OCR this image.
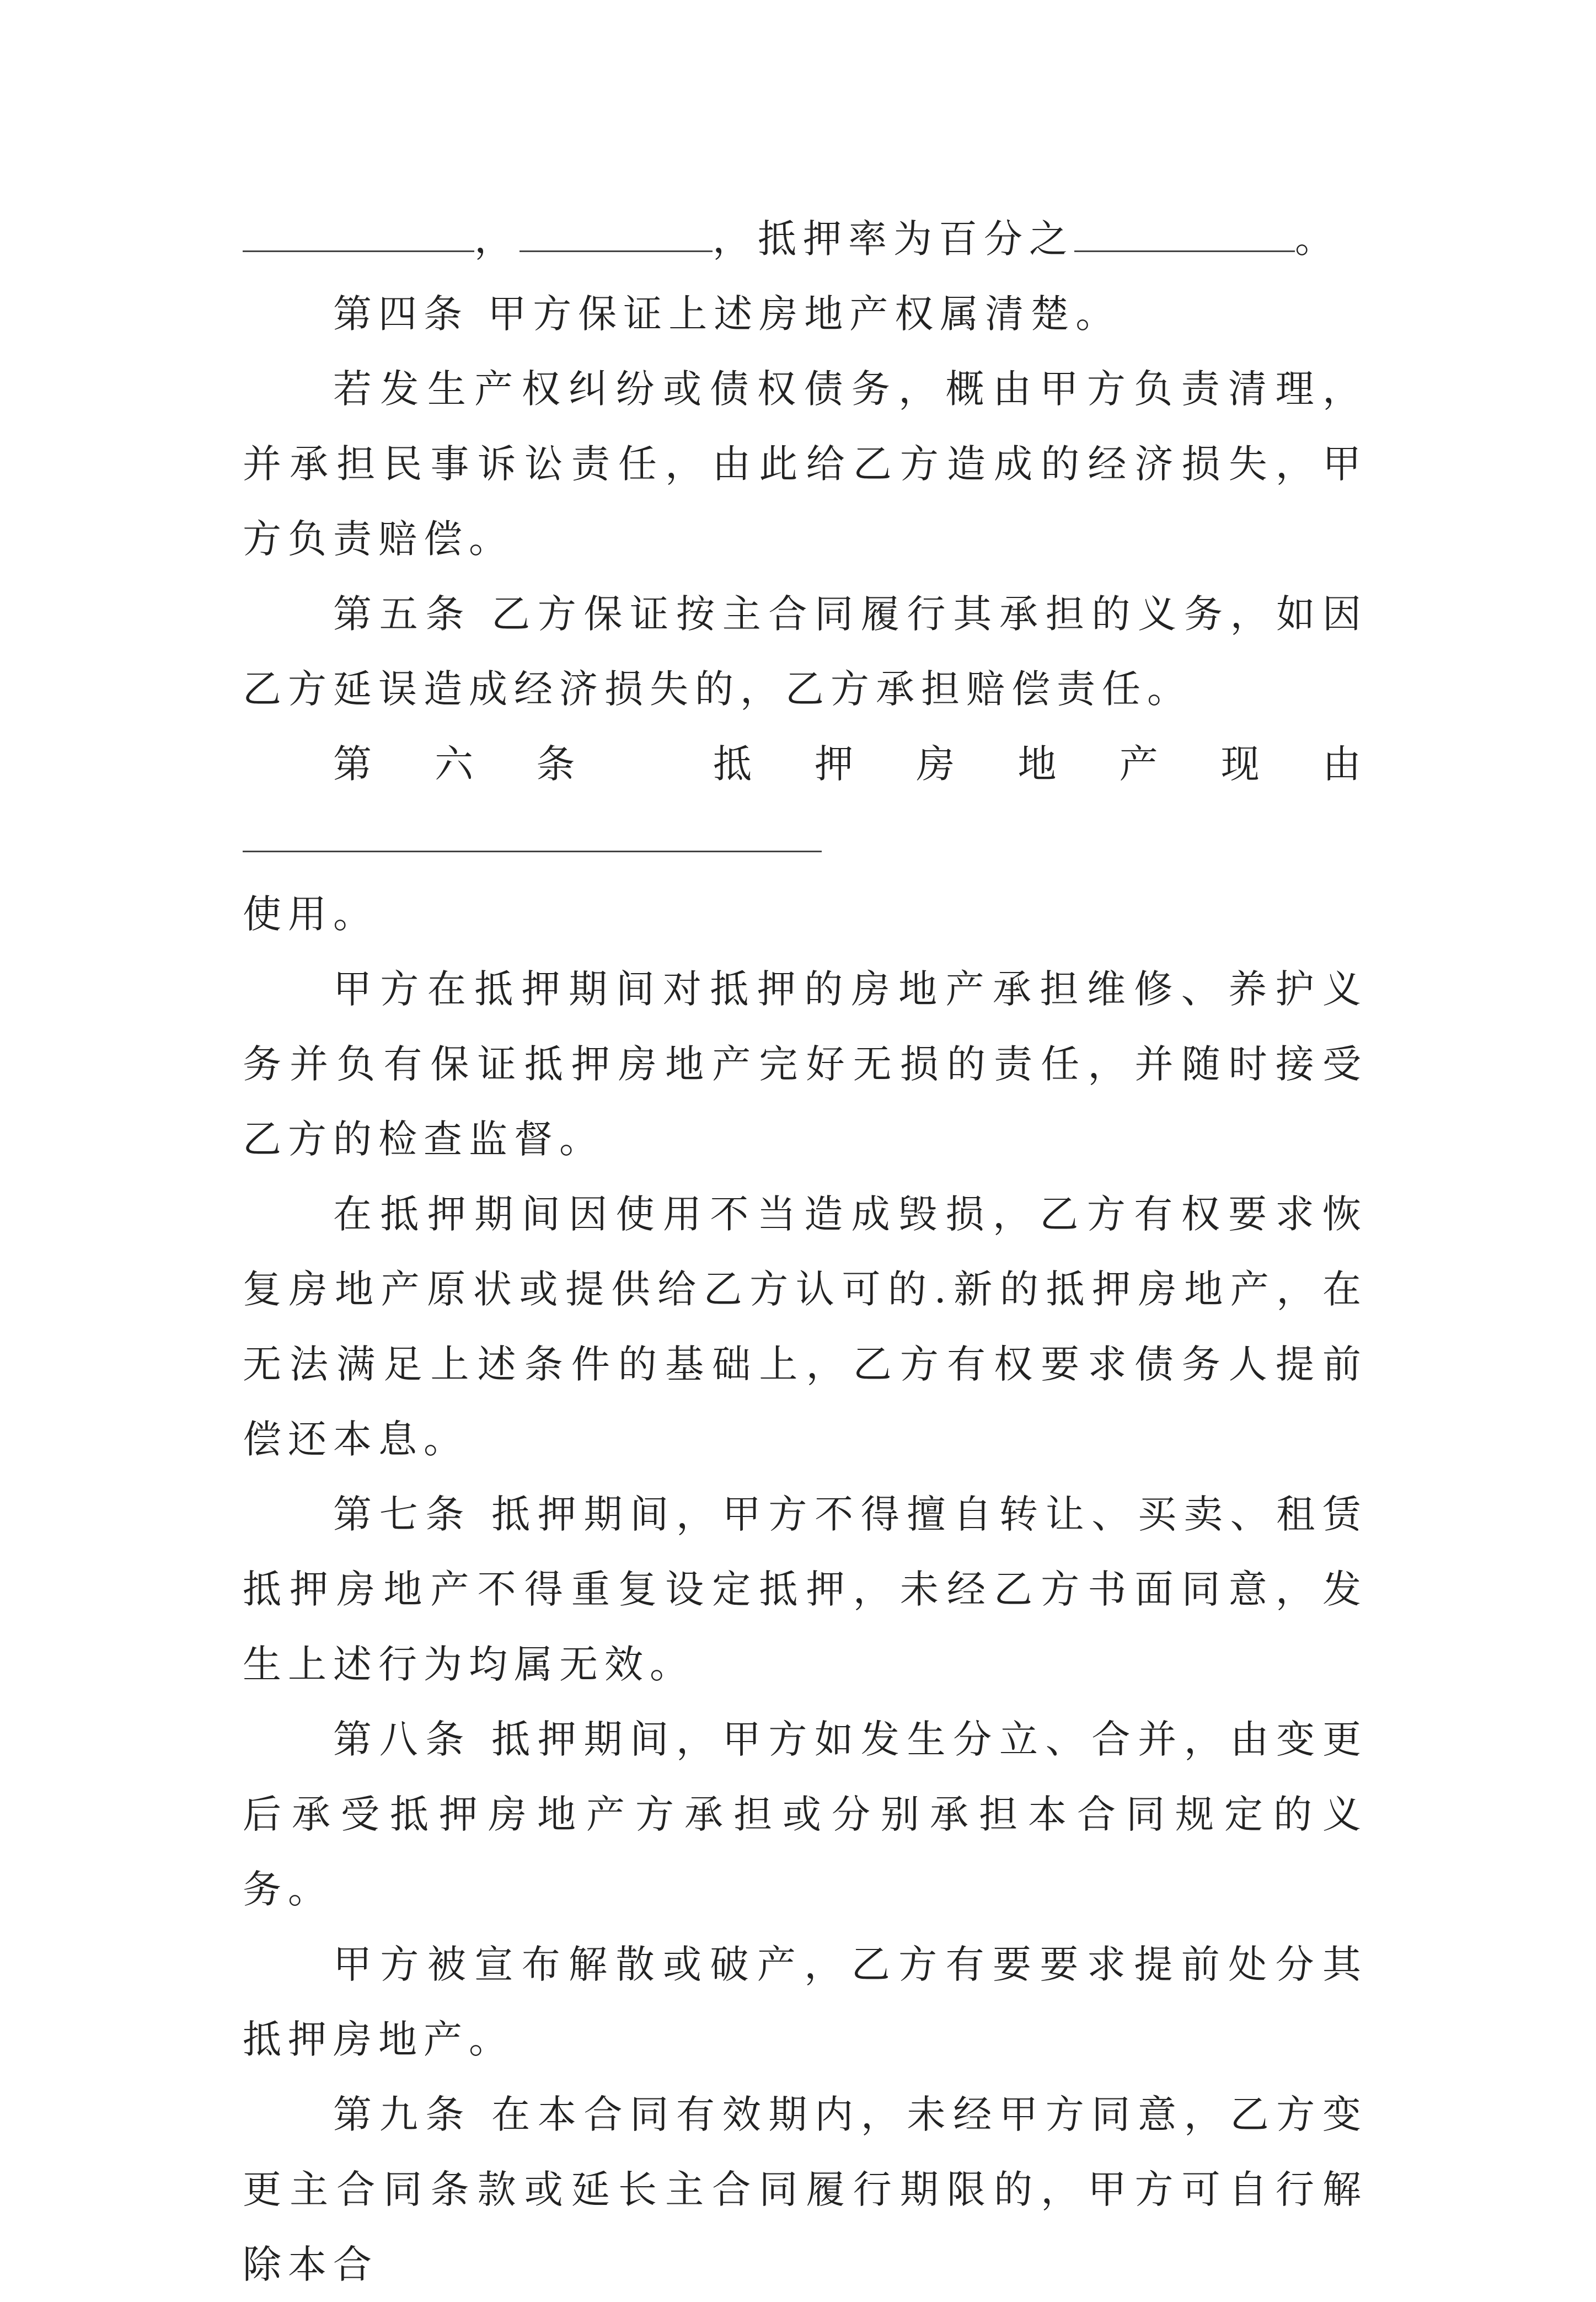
，	，抵押率为百分之	。

第四条 甲方保证上述房地产权属清楚。

若发生产权纠纷或债权债务，概由甲方负责清理，并承担民事诉讼责任，由此给乙方造成的经济损失，甲方负责赔偿。

第五条 乙方保证按主合同履行其承担的义务，如因乙方延误造成经济损失的，乙方承担赔偿责任。

第六条 抵押房地产现由
使用。

甲方在抵押期间对抵押的房地产承担维修、养护义务并负有保证抵押房地产完好无损的责任，并随时接受乙方的检查监督。

在抵押期间因使用不当造成毁损，乙方有权要求恢复房地产原状或提供给乙方认可的.新的抵押房地产，在无法满足上述条件的基础上，乙方有权要求债务人提前偿还本息。

第七条 抵押期间，甲方不得擅自转让、买卖、租赁抵押房地产不得重复设定抵押，未经乙方书面同意，发生上述行为均属无效。

第八条 抵押期间，甲方如发生分立、合并，由变更后承受抵押房地产方承担或分别承担本合同规定的义务。

甲方被宣布解散或破产，乙方有要要求提前处分其抵押房地产。

第九条 在本合同有效期内，未经甲方同意，乙方变更主合同条款或延长主合同履行期限的，甲方可自行解除本合
